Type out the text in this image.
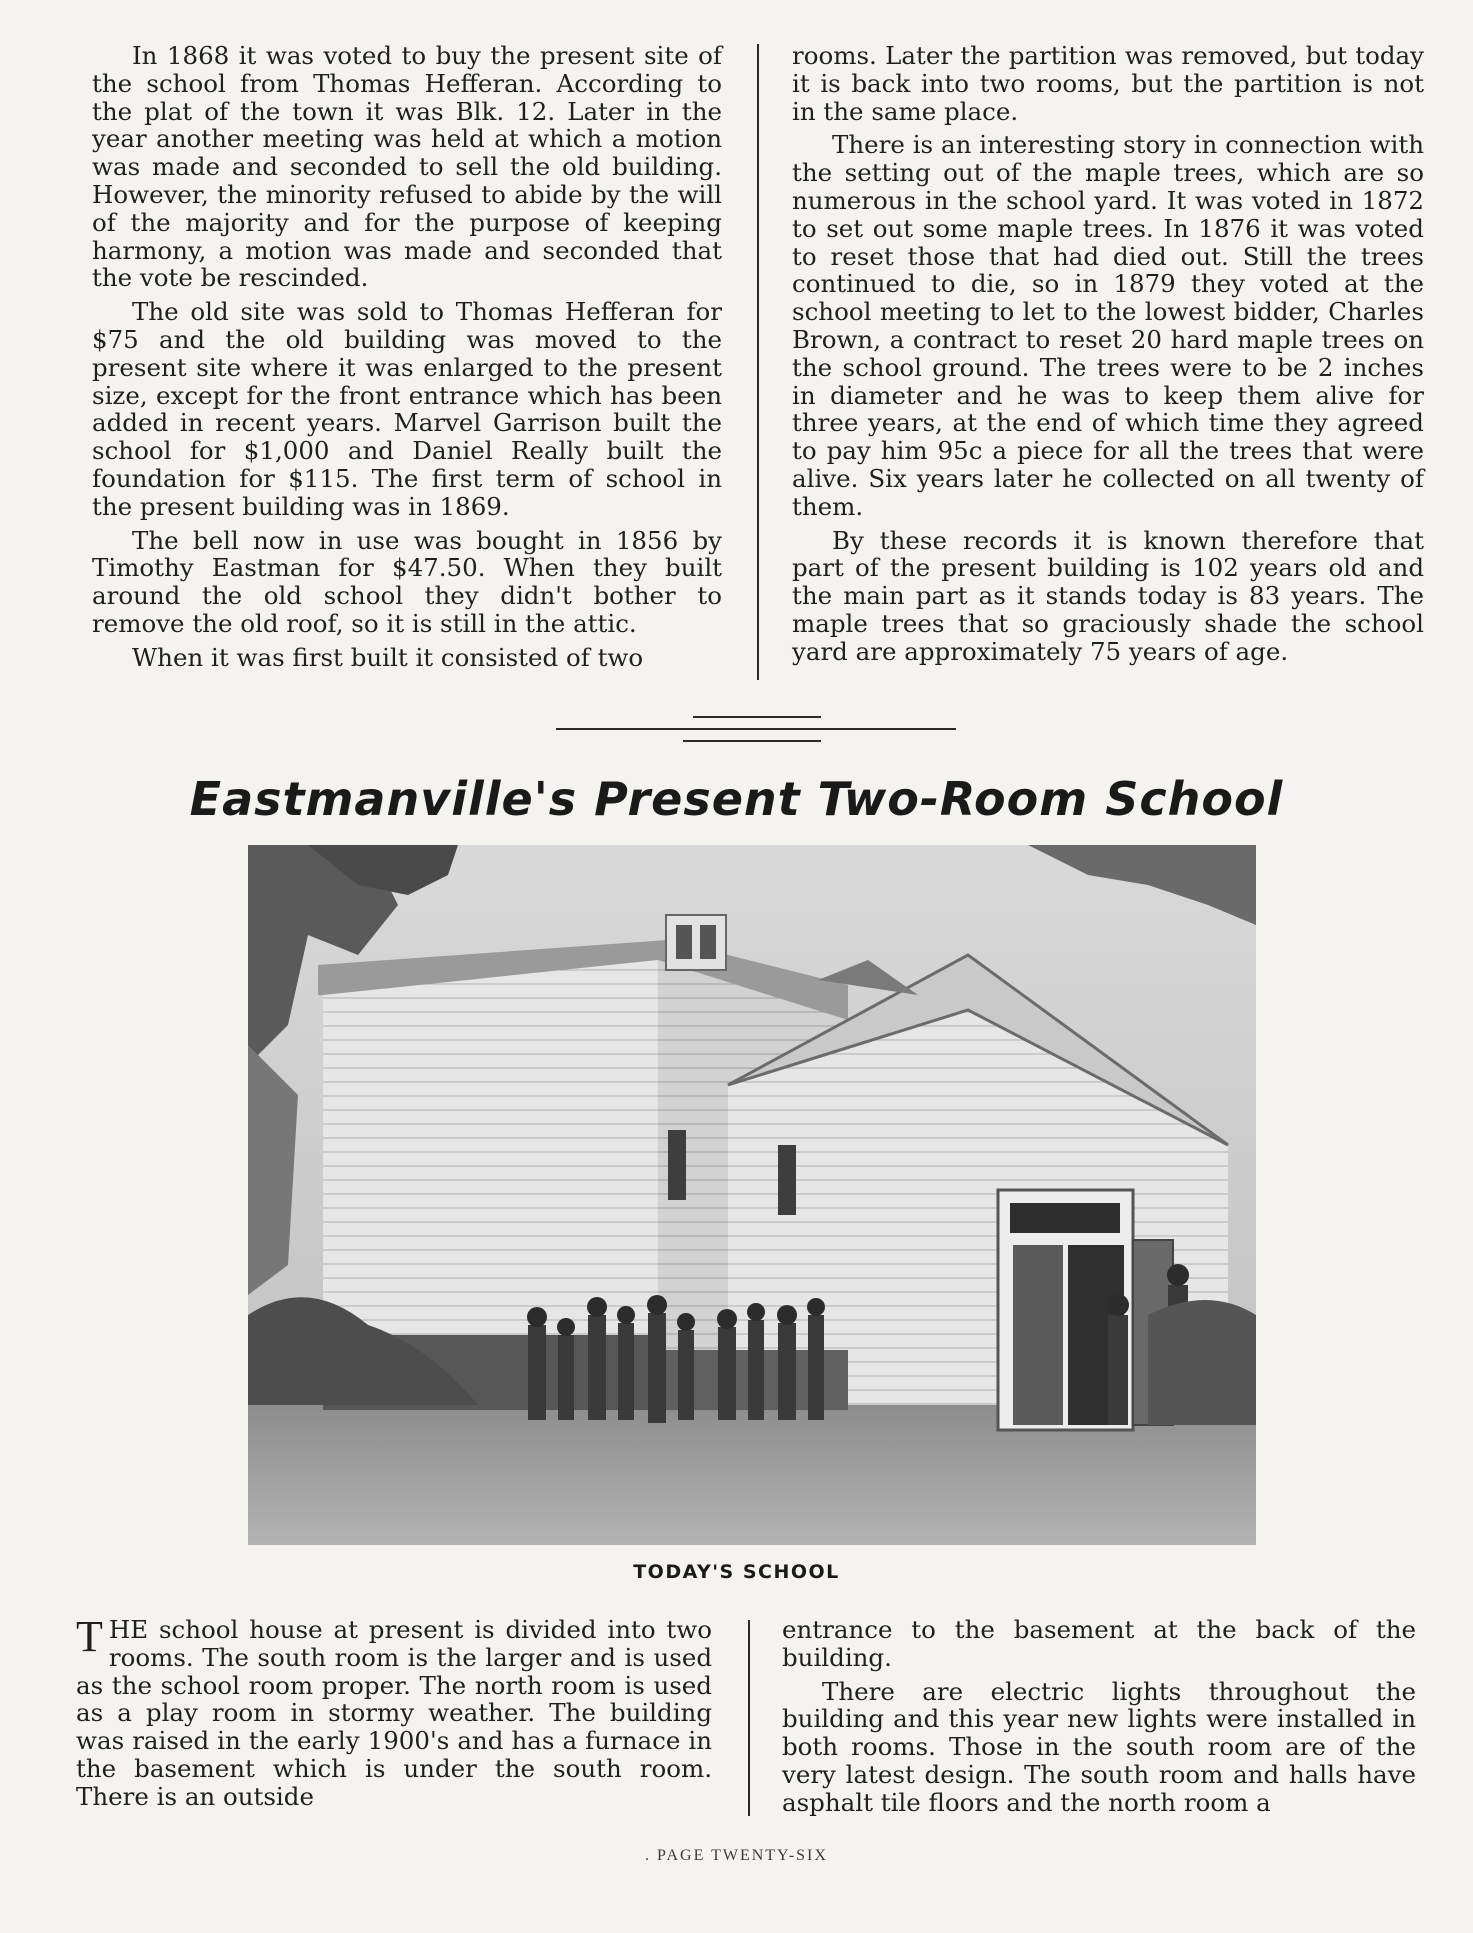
In 1868 it was voted to buy the present site of the school from Thomas Hefferan. According to the plat of the town it was Blk. 12. Later in the year another meeting was held at which a motion was made and seconded to sell the old building. However, the minority refused to abide by the will of the majority and for the purpose of keeping harmony, a motion was made and seconded that the vote be rescinded.

The old site was sold to Thomas Hefferan for $75 and the old building was moved to the present site where it was enlarged to the present size, except for the front entrance which has been added in recent years. Marvel Garrison built the school for $1,000 and Daniel Really built the foundation for $115. The first term of school in the present building was in 1869.

The bell now in use was bought in 1856 by Timothy Eastman for $47.50. When they built around the old school they didn't bother to remove the old roof, so it is still in the attic.

When it was first built it consisted of two

rooms. Later the partition was removed, but today it is back into two rooms, but the partition is not in the same place.

There is an interesting story in connection with the setting out of the maple trees, which are so numerous in the school yard. It was voted in 1872 to set out some maple trees. In 1876 it was voted to reset those that had died out. Still the trees continued to die, so in 1879 they voted at the school meeting to let to the lowest bidder, Charles Brown, a contract to reset 20 hard maple trees on the school ground. The trees were to be 2 inches in diameter and he was to keep them alive for three years, at the end of which time they agreed to pay him 95c a piece for all the trees that were alive. Six years later he collected on all twenty of them.

By these records it is known therefore that part of the present building is 102 years old and the main part as it stands today is 83 years. The maple trees that so graciously shade the school yard are approximately 75 years of age.

Eastmanville's Present Two-Room School
TODAY'S SCHOOL

THE school house at present is divided into two rooms. The south room is the larger and is used as the school room proper. The north room is used as a play room in stormy weather. The building was raised in the early 1900's and has a furnace in the basement which is under the south room. There is an outside

entrance to the basement at the back of the building.

There are electric lights throughout the building and this year new lights were installed in both rooms. Those in the south room are of the very latest design. The south room and halls have asphalt tile floors and the north room a

. PAGE TWENTY-SIX
